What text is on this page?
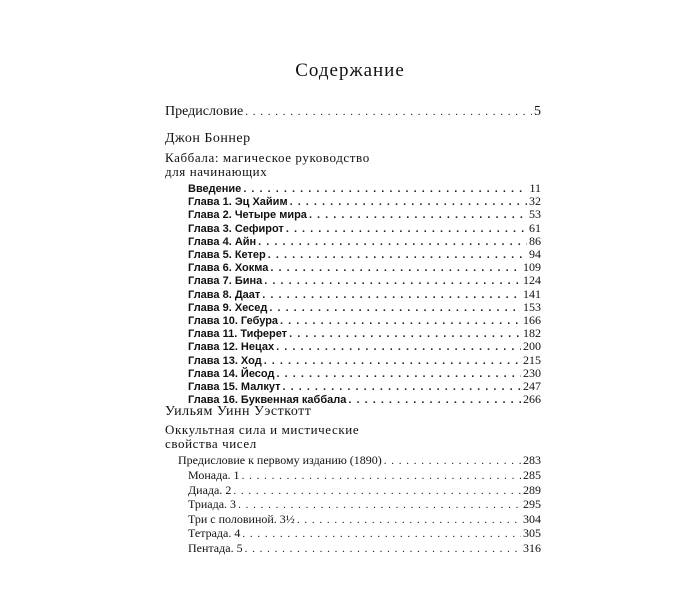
Содержание
Предисловие . . .	5
Джон Боннер
Каббала: магическое руководство
для начинающих
Введение . . .	11
Глава 1. Эц Хайим . . .	32
Глава 2. Четыре мира . . .	53
Глава 3. Сефирот . . .	61
Глава 4. Айн . . .	86
Глава 5. Кетер . . .	94
Глава 6. Хокма . . .	109
Глава 7. Бина . . .	124
Глава 8. Даат . . .	141
Глава 9. Хесед . . .	153
Глава 10. Гебура . . .	166
Глава 11. Тиферет . . .	182
Глава 12. Нецах . . .	200
Глава 13. Ход . . .	215
Глава 14. Йесод . . .	230
Глава 15. Малкут . . .	247
Глава 16. Буквенная каббала . . .	266
Уильям Уинн Уэсткотт
Оккультная сила и мистические
свойства чисел
Предисловие к первому изданию (1890) . . .	283
Монада. 1 . . .	285
Диада. 2 . . .	289
Триада. 3 . . .	295
Три с половиной. 3½ . . .	304
Тетрада. 4 . . .	305
Пентада. 5 . . .	316
